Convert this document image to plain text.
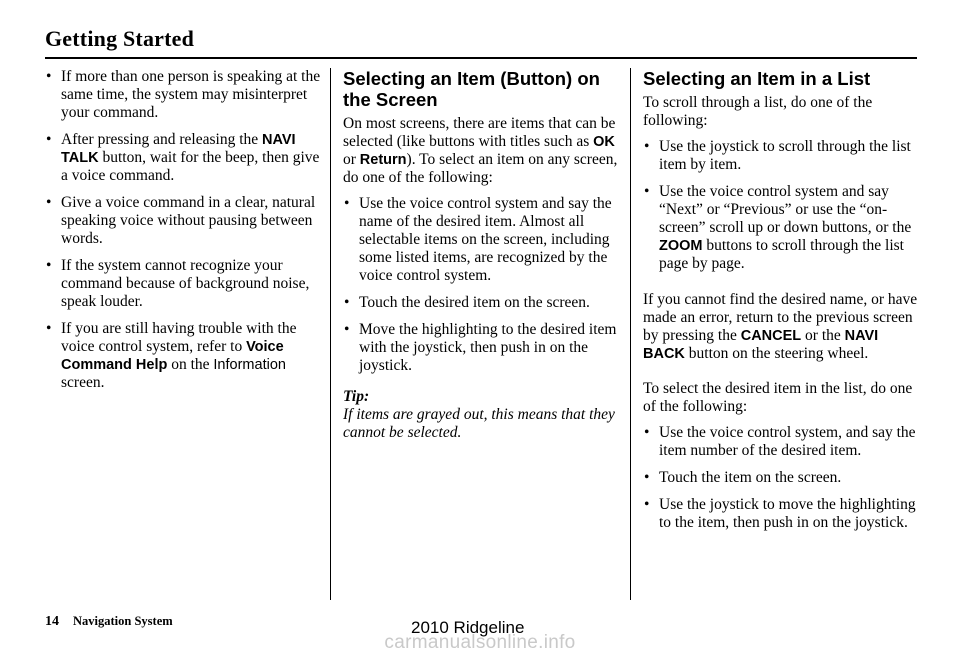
Getting Started
• If more than one person is speaking at the same time, the system may misinterpret your command.
• After pressing and releasing the NAVI TALK button, wait for the beep, then give a voice command.
• Give a voice command in a clear, natural speaking voice without pausing between words.
• If the system cannot recognize your command because of background noise, speak louder.
• If you are still having trouble with the voice control system, refer to Voice Command Help on the Information screen.
Selecting an Item (Button) on the Screen

On most screens, there are items that can be selected (like buttons with titles such as OK or Return). To select an item on any screen, do one of the following:

• Use the voice control system and say the name of the desired item. Almost all selectable items on the screen, including some listed items, are recognized by the voice control system.
• Touch the desired item on the screen.
• Move the highlighting to the desired item with the joystick, then push in on the joystick.

Tip:

If items are grayed out, this means that they cannot be selected.

Selecting an Item in a List

To scroll through a list, do one of the following:

• Use the joystick to scroll through the list item by item.
• Use the voice control system and say “Next” or “Previous” or use the “on-screen” scroll up or down buttons, or the ZOOM buttons to scroll through the list page by page.

If you cannot find the desired name, or have made an error, return to the previous screen by pressing the CANCEL or the NAVI BACK button on the steering wheel.

To select the desired item in the list, do one of the following:

• Use the voice control system, and say the item number of the desired item.
• Touch the item on the screen.
• Use the joystick to move the highlighting to the item, then push in on the joystick.
14 Navigation System
carmanualsonline.info
2010 Ridgeline
